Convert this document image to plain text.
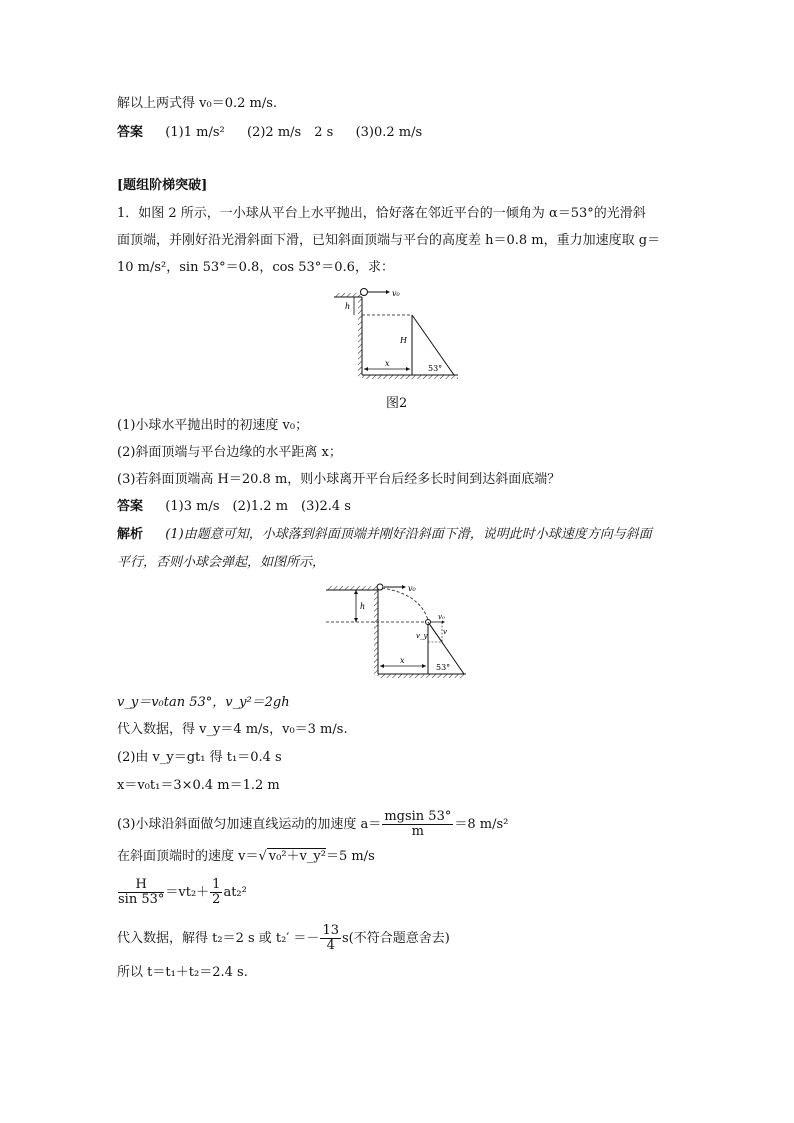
解以上两式得 v₀＝0.2 m/s.
答案 (1)1 m/s² (2)2 m/s　2 s (3)0.2 m/s
[题组阶梯突破]
1．如图 2 所示，一小球从平台上水平抛出，恰好落在邻近平台的一倾角为 α＝53°的光滑斜
面顶端，并刚好沿光滑斜面下滑，已知斜面顶端与平台的高度差 h＝0.8 m，重力加速度取 g＝
10 m/s²，sin 53°＝0.8，cos 53°＝0.6，求：
v₀
h
H
x
53°
图2
(1)小球水平抛出时的初速度 v₀；
(2)斜面顶端与平台边缘的水平距离 x；
(3)若斜面顶端高 H＝20.8 m，则小球离开平台后经多长时间到达斜面底端？
答案 (1)3 m/s　(2)1.2 m　(3)2.4 s
解析 (1)由题意可知，小球落到斜面顶端并刚好沿斜面下滑，说明此时小球速度方向与斜面
平行，否则小球会弹起，如图所示，
v₀
v₀
h
v_y v
x
53°
v_y＝v₀tan 53°，v_y²＝2gh
代入数据，得 v_y＝4 m/s，v₀＝3 m/s.
(2)由 v_y＝gt₁ 得 t₁＝0.4 s
x＝v₀t₁＝3×0.4 m＝1.2 m
(3)小球沿斜面做匀加速直线运动的加速度 $a= \frac{mgsin 53^\circ}{m} =8$ m/s²
在斜面顶端时的速度 v＝√ v₀²＋v_y²＝5 m/s
$\frac{H}{\sin 53^\circ} =vt_2+ \frac{1}{2} at_2^2$
代入数据，解得 t₂＝2 s 或 $t_2' =- \frac{13}{4} s$(不符合题意舍去)
所以 t＝t₁＋t₂＝2.4 s.
